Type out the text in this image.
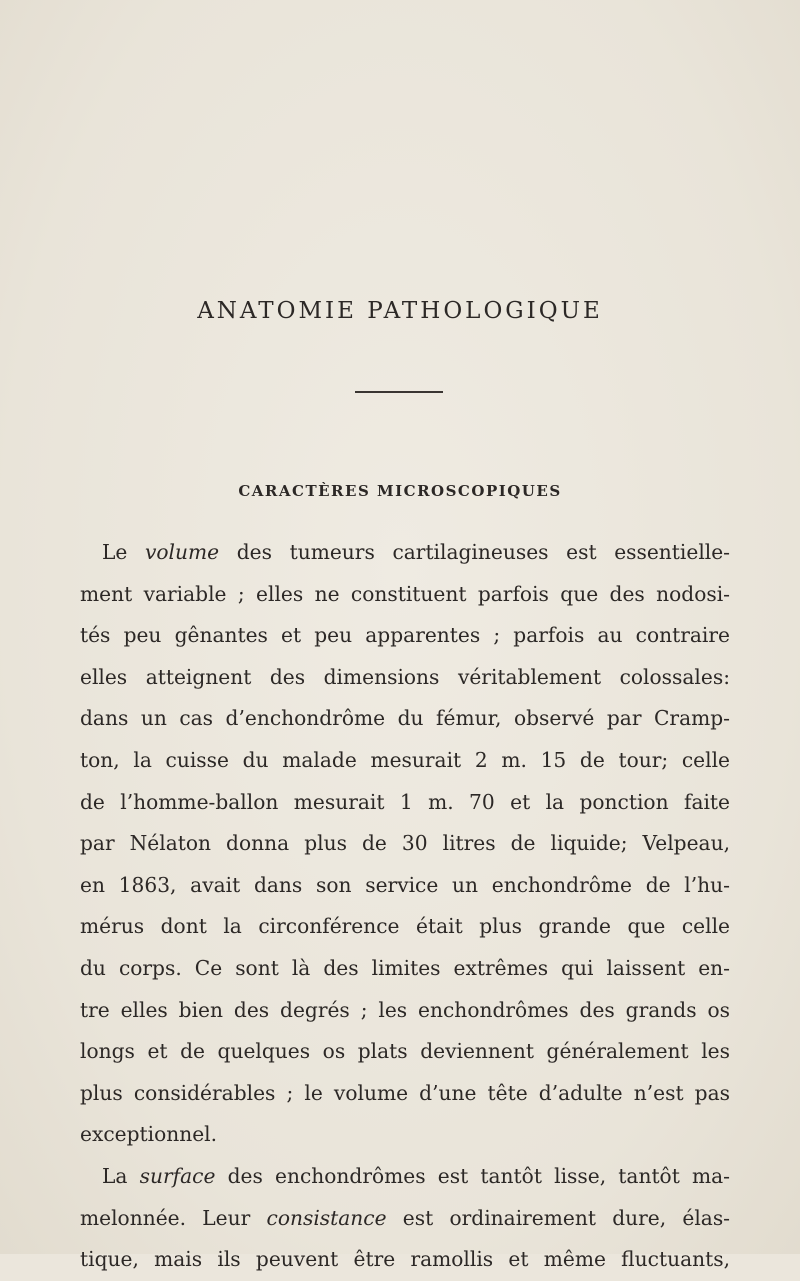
ANATOMIE PATHOLOGIQUE
CARACTÈRES MICROSCOPIQUES
Le volume des tumeurs cartilagineuses est essentielle-
ment variable ; elles ne constituent parfois que des nodosi-
tés peu gênantes et peu apparentes ; parfois au contraire
elles atteignent des dimensions véritablement colossales:
dans un cas d’enchondrôme du fémur, observé par Cramp-
ton, la cuisse du malade mesurait 2 m. 15 de tour; celle
de l’homme-ballon mesurait 1 m. 70 et la ponction faite
par Nélaton donna plus de 30 litres de liquide; Velpeau,
en 1863, avait dans son service un enchondrôme de l’hu-
mérus dont la circonférence était plus grande que celle
du corps. Ce sont là des limites extrêmes qui laissent en-
tre elles bien des degrés ; les enchondrômes des grands os
longs et de quelques os plats deviennent généralement les
plus considérables ; le volume d’une tête d’adulte n’est pas
exceptionnel.
La surface des enchondrômes est tantôt lisse, tantôt ma-
melonnée. Leur consistance est ordinairement dure, élas-
tique, mais ils peuvent être ramollis et même fluctuants,
